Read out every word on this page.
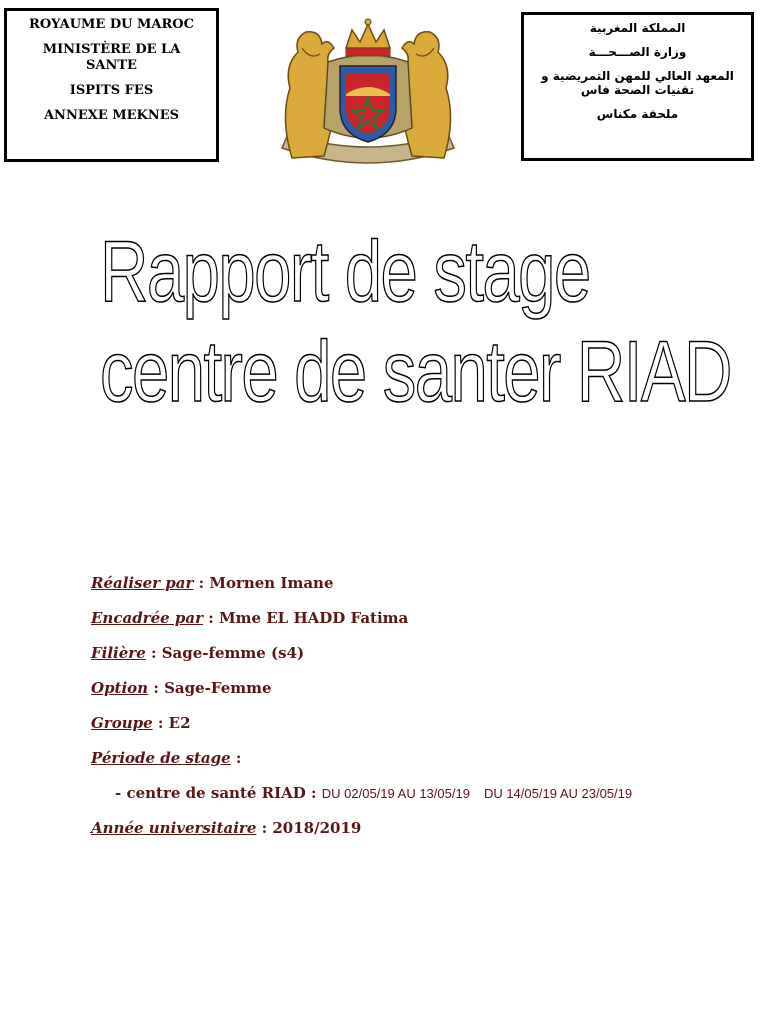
ROYAUME DU MAROC

MINISTÈRE DE LA SANTE

ISPITS FES

ANNEXE MEKNES

المملكة المغربية

وزارة الصـــحـــة

المعهد العالي للمهن التمريضية و تقنيات الصحة فاس

ملحقة مكناس

Rapport de stage
centre de santer RIAD
Réaliser par : Mornen Imane
Encadrée par : Mme EL HADD Fatima
Filière : Sage-femme (s4)
Option : Sage-Femme
Groupe : E2
Période de stage :
- centre de santé RIAD : DU 02/05/19 AU 13/05/19 DU 14/05/19 AU 23/05/19
Année universitaire : 2018/2019
